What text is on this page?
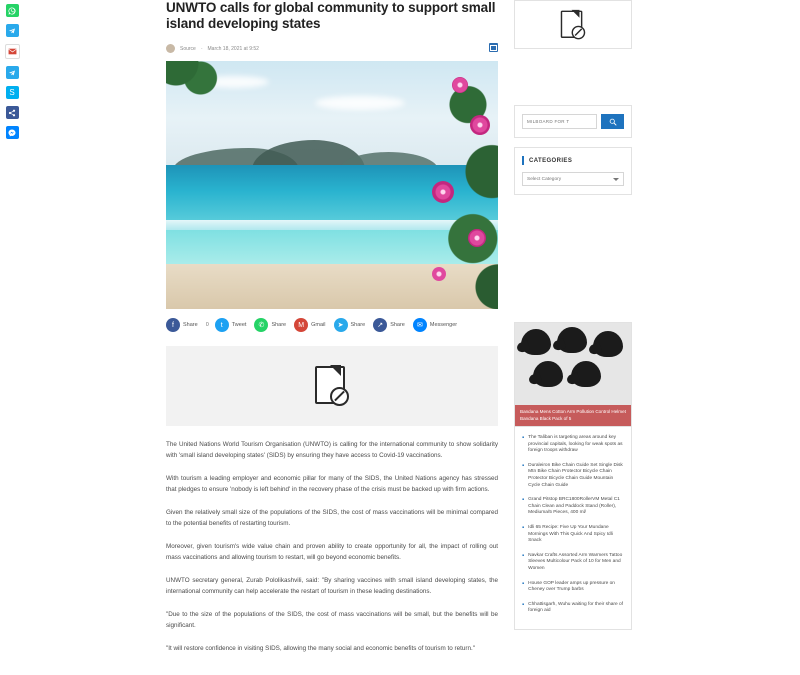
S
UNWTO calls for global community to support small island developing states
Source - March 18, 2021 at 9:52
f	Share 0	t	Tweet	✆	Share	M	Gmail	➤	Share	↗	Share	✉	Messenger

The United Nations World Tourism Organisation (UNWTO) is calling for the international community to show solidarity with 'small island developing states' (SIDS) by ensuring they have access to Covid-19 vaccinations.

With tourism a leading employer and economic pillar for many of the SIDS, the United Nations agency has stressed that pledges to ensure 'nobody is left behind' in the recovery phase of the crisis must be backed up with firm actions.

Given the relatively small size of the populations of the SIDS, the cost of mass vaccinations will be minimal compared to the potential benefits of restarting tourism.

Moreover, given tourism's wide value chain and proven ability to create opportunity for all, the impact of rolling out mass vaccinations and allowing tourism to restart, will go beyond economic benefits.

UNWTO secretary general, Zurab Pololikashvili, said: "By sharing vaccines with small island developing states, the international community can help accelerate the restart of tourism in these leading destinations.

"Due to the size of the populations of the SIDS, the cost of mass vaccinations will be small, but the benefits will be significant.

"It will restore confidence in visiting SIDS, allowing the many social and economic benefits of tourism to return."

MILBOARD FOR T
CATEGORIES
Select Category
Bandana Mens Cotton Arm Pollution Control Helmet Bandana Black Pack of 5
▪ The Taliban is targeting areas around key provincial capitals, looking for weak spots as foreign troops withdraw
▪ Duraleiron Bike Chain Guide Set Single Disk Mtn Bike Chain Protector Bicycle Chain Protector Bicycle Chain Guide Mountain Cycle Chain Guide
▪ Grand Pitstop BRC1800RollerVM Metal C1 Chain Clean and Paddock Stand (Roller), Mediuma/5 Pieces, 400 ml/
▪ Idli 65 Recipe: Five Up Your Mundane Mornings With This Quick And Spicy Idli Snack
▪ Navkar Crafts Assorted Arm Warmers Tattoo Sleeves Multicolour Pack of 10 for Men and Women
▪ House GOP leader amps up pressure on Cheney over Trump barbs
▪ Chhattisgarh, Wuhu waiting for their share of foreign aid
